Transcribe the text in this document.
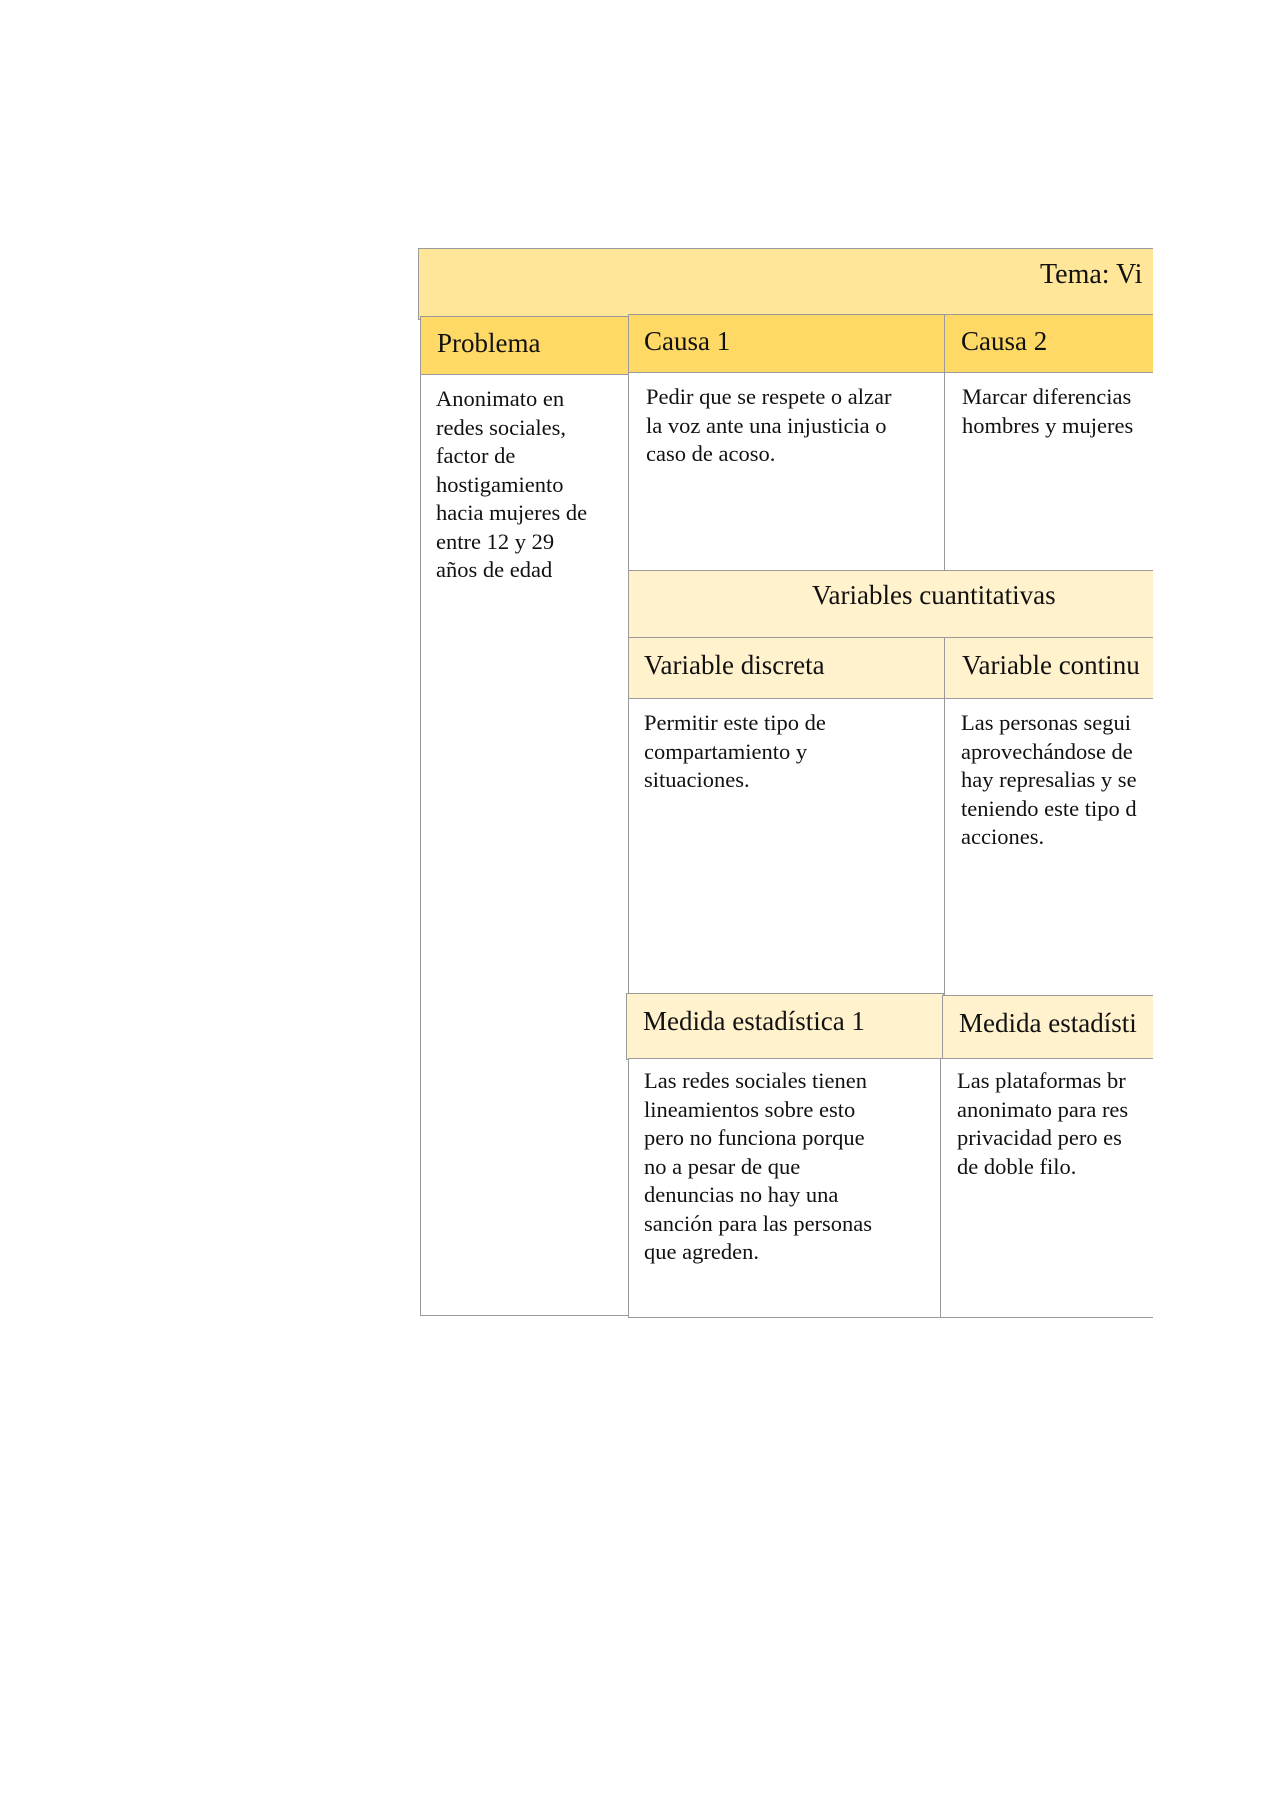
Tema: Vi
Problema
Anonimato en
redes sociales,
factor de
hostigamiento
hacia mujeres de
entre 12 y 29
años de edad
Causa 1
Pedir que se respete o alzar
la voz ante una injusticia o
caso de acoso.
Causa 2
Marcar diferencias
hombres y mujeres
Variables cuantitativas
Variable discreta
Permitir este tipo de
compartamiento y
situaciones.
Variable continu
Las personas segui
aprovechándose de
hay represalias y se
teniendo este tipo d
acciones.
Medida estadística 1
Las redes sociales tienen
lineamientos sobre esto
pero no funciona porque
no a pesar de que
denuncias no hay una
sanción para las personas
que agreden.
Medida estadísti
Las plataformas br
anonimato para res
privacidad pero es
de doble filo.
